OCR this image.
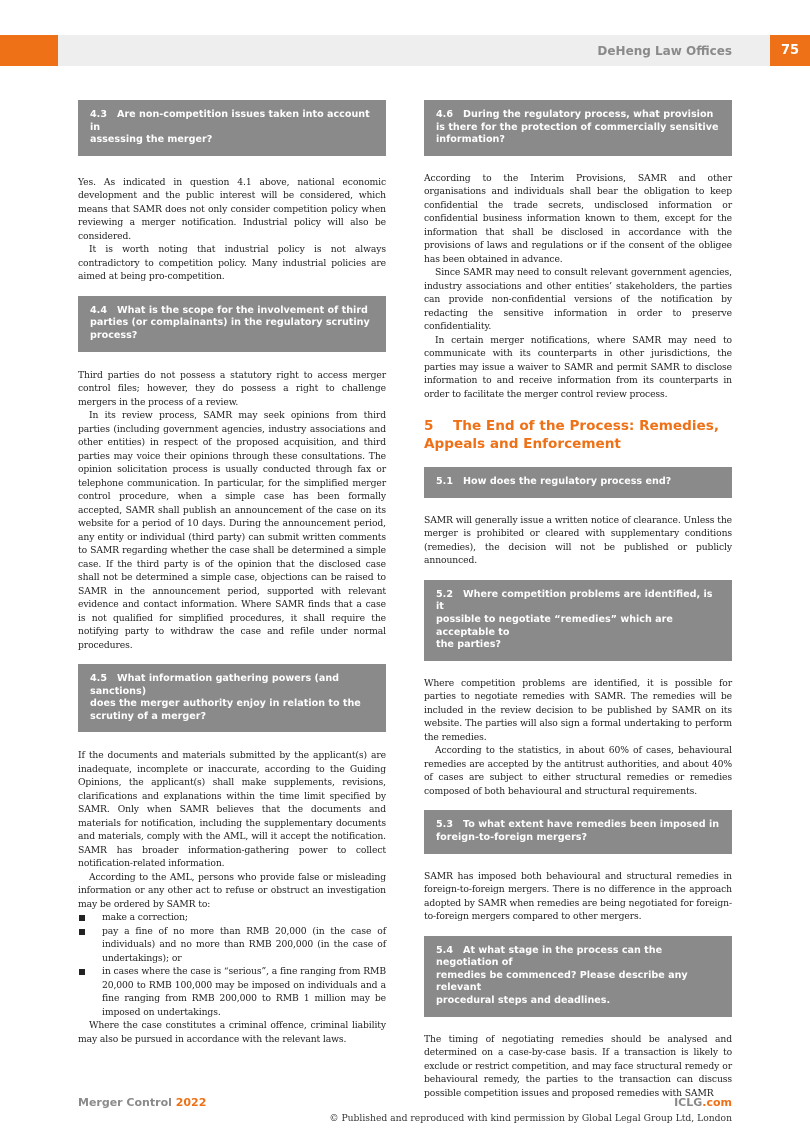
DeHeng Law Offices	75
4.3 Are non-competition issues taken into account in
assessing the merger?

Yes. As indicated in question 4.1 above, national economic development and the public interest will be considered, which means that SAMR does not only consider competition policy when reviewing a merger notification. Industrial policy will also be considered.

It is worth noting that industrial policy is not always contradictory to competition policy. Many industrial policies are aimed at being pro-competition.

4.4 What is the scope for the involvement of third
parties (or complainants) in the regulatory scrutiny
process?

Third parties do not possess a statutory right to access merger control files; however, they do possess a right to challenge mergers in the process of a review.

In its review process, SAMR may seek opinions from third parties (including government agencies, industry associations and other entities) in respect of the proposed acquisition, and third parties may voice their opinions through these consultations. The opinion solicitation process is usually conducted through fax or telephone communication. In particular, for the simplified merger control procedure, when a simple case has been formally accepted, SAMR shall publish an announcement of the case on its website for a period of 10 days. During the announcement period, any entity or individual (third party) can submit written comments to SAMR regarding whether the case shall be determined a simple case. If the third party is of the opinion that the disclosed case shall not be determined a simple case, objections can be raised to SAMR in the announcement period, supported with relevant evidence and contact information. Where SAMR finds that a case is not qualified for simplified procedures, it shall require the notifying party to withdraw the case and refile under normal procedures.

4.5 What information gathering powers (and sanctions)
does the merger authority enjoy in relation to the
scrutiny of a merger?

If the documents and materials submitted by the applicant(s) are inadequate, incomplete or inaccurate, according to the Guiding Opinions, the applicant(s) shall make supplements, revisions, clarifications and explanations within the time limit specified by SAMR. Only when SAMR believes that the documents and materials for notification, including the supplementary documents and materials, comply with the AML, will it accept the notification. SAMR has broader information-gathering power to collect notification-related information.

According to the AML, persons who provide false or misleading information or any other act to refuse or obstruct an investigation may be ordered by SAMR to:

make a correction;
pay a fine of no more than RMB 20,000 (in the case of individuals) and no more than RMB 200,000 (in the case of undertakings); or
in cases where the case is “serious”, a fine ranging from RMB 20,000 to RMB 100,000 may be imposed on individuals and a fine ranging from RMB 200,000 to RMB 1 million may be imposed on undertakings.

Where the case constitutes a criminal offence, criminal liability may also be pursued in accordance with the relevant laws.

4.6 During the regulatory process, what provision
is there for the protection of commercially sensitive
information?

According to the Interim Provisions, SAMR and other organisations and individuals shall bear the obligation to keep confidential the trade secrets, undisclosed information or confidential business information known to them, except for the information that shall be disclosed in accordance with the provisions of laws and regulations or if the consent of the obligee has been obtained in advance.

Since SAMR may need to consult relevant government agencies, industry associations and other entities’ stakeholders, the parties can provide non-confidential versions of the notification by redacting the sensitive information in order to preserve confidentiality.

In certain merger notifications, where SAMR may need to communicate with its counterparts in other jurisdictions, the parties may issue a waiver to SAMR and permit SAMR to disclose information to and receive information from its counterparts in order to facilitate the merger control review process.

5 The End of the Process: Remedies,
Appeals and Enforcement
5.1 How does the regulatory process end?

SAMR will generally issue a written notice of clearance. Unless the merger is prohibited or cleared with supplementary conditions (remedies), the decision will not be published or publicly announced.

5.2 Where competition problems are identified, is it
possible to negotiate “remedies” which are acceptable to
the parties?

Where competition problems are identified, it is possible for parties to negotiate remedies with SAMR. The remedies will be included in the review decision to be published by SAMR on its website. The parties will also sign a formal undertaking to perform the remedies.

According to the statistics, in about 60% of cases, behavioural remedies are accepted by the antitrust authorities, and about 40% of cases are subject to either structural remedies or remedies composed of both behavioural and structural requirements.

5.3 To what extent have remedies been imposed in
foreign-to-foreign mergers?

SAMR has imposed both behavioural and structural remedies in foreign-to-foreign mergers. There is no difference in the approach adopted by SAMR when remedies are being negotiated for foreign-to-foreign mergers compared to other mergers.

5.4 At what stage in the process can the negotiation of
remedies be commenced? Please describe any relevant
procedural steps and deadlines.

The timing of negotiating remedies should be analysed and determined on a case-by-case basis. If a transaction is likely to exclude or restrict competition, and may face structural remedy or behavioural remedy, the parties to the transaction can discuss possible competition issues and proposed remedies with SAMR

Merger Control 2022	ICLG.com
© Published and reproduced with kind permission by Global Legal Group Ltd, London
